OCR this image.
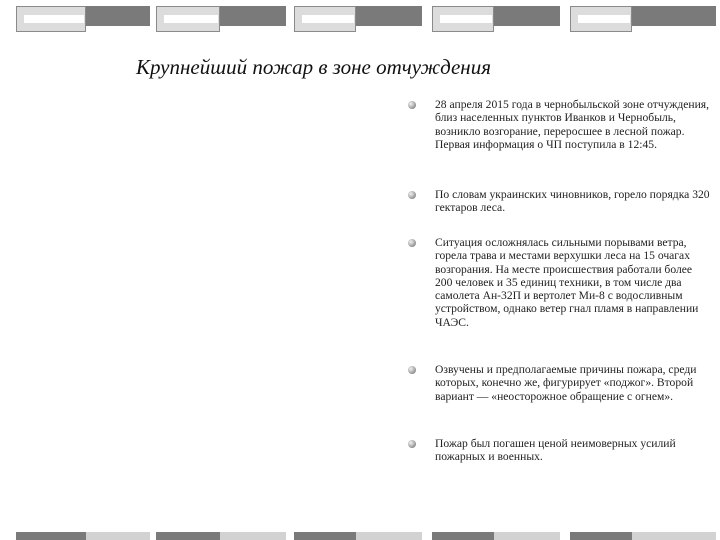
Крупнейший пожар в зоне отчуждения
28 апреля 2015 года в чернобыльской зоне отчуждения, близ населенных пунктов Иванков и Чернобыль, возникло возгорание, переросшее в лесной пожар. Первая информация о ЧП поступила в 12:45.
По словам украинских чиновников, горело порядка 320 гектаров леса.
Ситуация осложнялась сильными порывами ветра, горела трава и местами верхушки леса на 15 очагах возгорания. На месте происшествия работали более 200 человек и 35 единиц техники, в том числе два самолета Ан-32П и вертолет Ми-8 с водосливным устройством, однако ветер гнал пламя в направлении ЧАЭС.
Озвучены и предполагаемые причины пожара, среди которых, конечно же, фигурирует «поджог». Второй вариант — «неосторожное обращение с огнем».
Пожар был погашен ценой неимоверных усилий пожарных и военных.
